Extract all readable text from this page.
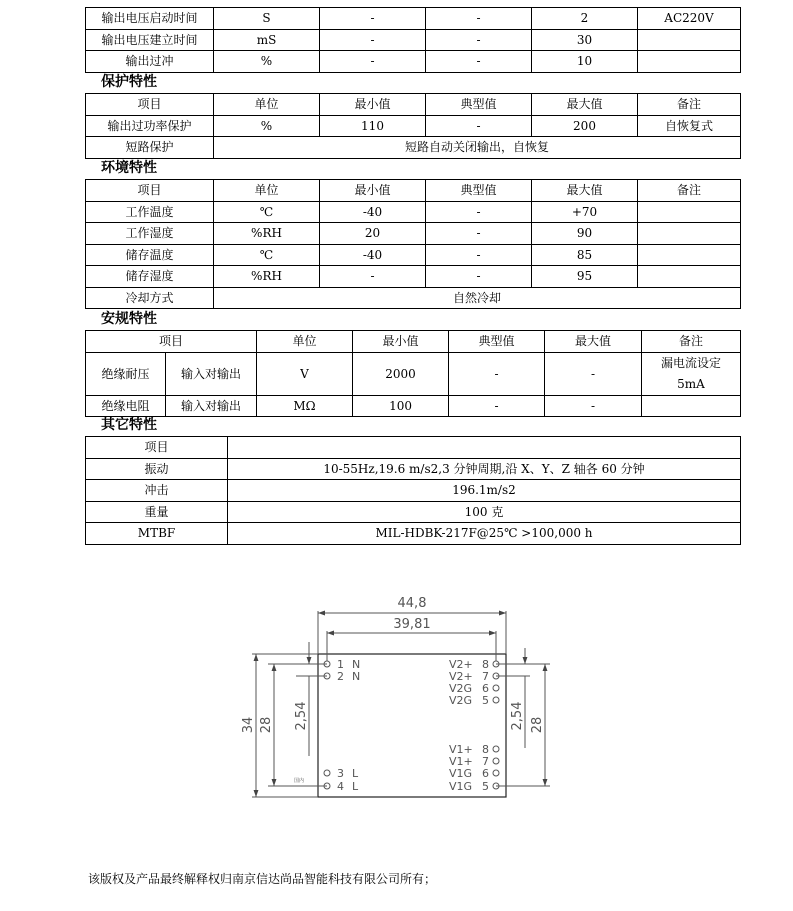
输出电压启动时间	S	-	-	2	AC220V
输出电压建立时间	mS	-	-	30	
输出过冲	%	-	-	10	
保护特性
项目	单位	最小值	典型值	最大值	备注
输出过功率保护	%	110	-	200	自恢复式
短路保护	短路自动关闭输出，自恢复				
环境特性
项目	单位	最小值	典型值	最大值	备注
工作温度	℃	-40	-	+70	
工作湿度	%RH	20	-	90	
储存温度	℃	-40	-	85	
储存湿度	%RH	-	-	95	
冷却方式	自然冷却				
安规特性
项目		单位	最小值	典型值	最大值	备注
绝缘耐压	输入对输出	V	2000	-	-	漏电流设定
5mA

绝缘电阻	输入对输出	MΩ	100	-	-	
其它特性
项目	
振动	10-55Hz,19.6 m/s2,3 分钟周期,沿 X、Y、Z 轴各 60 分钟
冲击	196.1m/s2
重量	100 克
MTBF	MIL-HDBK-217F@25℃ >100,000 h
44,8
39,81
34 28 2,54	2,54 28
1 N
2 N
3 L
4 L
V2+ 8
V2+ 7
V2G 6
V2G 5
V1+ 8
V1+ 7
V1G 6
V1G 5
国内
该版权及产品最终解释权归南京信达尚品智能科技有限公司所有；
